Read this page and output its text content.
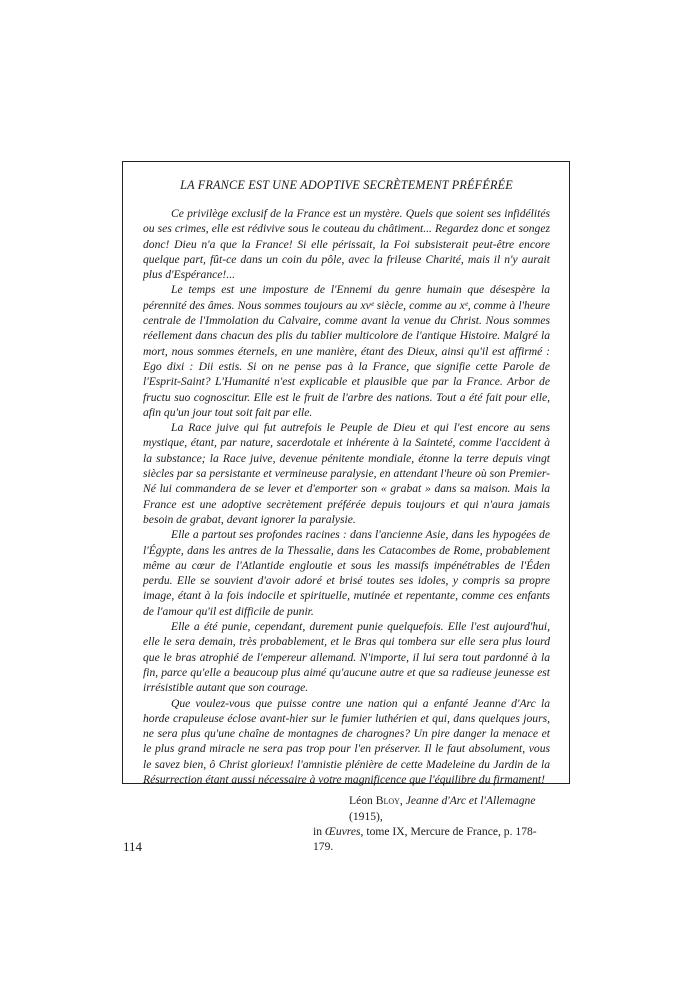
LA FRANCE EST UNE ADOPTIVE SECRÈTEMENT PRÉFÉRÉE

Ce privilège exclusif de la France est un mystère. Quels que soient ses infidélités ou ses crimes, elle est rédivive sous le couteau du châtiment... Regardez donc et songez donc! Dieu n'a que la France! Si elle périssait, la Foi subsisterait peut-être encore quelque part, fût-ce dans un coin du pôle, avec la frileuse Charité, mais il n'y aurait plus d'Espérance!...

Le temps est une imposture de l'Ennemi du genre humain que désespère la pérennité des âmes. Nous sommes toujours au xvᵉ siècle, comme au xᵉ, comme à l'heure centrale de l'Immolation du Calvaire, comme avant la venue du Christ. Nous sommes réellement dans chacun des plis du tablier multicolore de l'antique Histoire. Malgré la mort, nous sommes éternels, en une manière, étant des Dieux, ainsi qu'il est affirmé : Ego dixi : Dii estis. Si on ne pense pas à la France, que signifie cette Parole de l'Esprit-Saint? L'Humanité n'est explicable et plausible que par la France. Arbor de fructu suo cognoscitur. Elle est le fruit de l'arbre des nations. Tout a été fait pour elle, afin qu'un jour tout soit fait par elle.

La Race juive qui fut autrefois le Peuple de Dieu et qui l'est encore au sens mystique, étant, par nature, sacerdotale et inhérente à la Sainteté, comme l'accident à la substance; la Race juive, devenue pénitente mondiale, étonne la terre depuis vingt siècles par sa persistante et vermineuse paralysie, en attendant l'heure où son Premier-Né lui commandera de se lever et d'emporter son « grabat » dans sa maison. Mais la France est une adoptive secrètement préférée depuis toujours et qui n'aura jamais besoin de grabat, devant ignorer la paralysie.

Elle a partout ses profondes racines : dans l'ancienne Asie, dans les hypogées de l'Égypte, dans les antres de la Thessalie, dans les Catacombes de Rome, probablement même au cœur de l'Atlantide engloutie et sous les massifs impénétrables de l'Éden perdu. Elle se souvient d'avoir adoré et brisé toutes ses idoles, y compris sa propre image, étant à la fois indocile et spirituelle, mutinée et repentante, comme ces enfants de l'amour qu'il est difficile de punir.

Elle a été punie, cependant, durement punie quelquefois. Elle l'est aujourd'hui, elle le sera demain, très probablement, et le Bras qui tombera sur elle sera plus lourd que le bras atrophié de l'empereur allemand. N'importe, il lui sera tout pardonné à la fin, parce qu'elle a beaucoup plus aimé qu'aucune autre et que sa radieuse jeunesse est irrésistible autant que son courage.

Que voulez-vous que puisse contre une nation qui a enfanté Jeanne d'Arc la horde crapuleuse éclose avant-hier sur le fumier luthérien et qui, dans quelques jours, ne sera plus qu'une chaîne de montagnes de charognes? Un pire danger la menace et le plus grand miracle ne sera pas trop pour l'en préserver. Il le faut absolument, vous le savez bien, ô Christ glorieux! l'amnistie plénière de cette Madeleine du Jardin de la Résurrection étant aussi nécessaire à votre magnificence que l'équilibre du firmament!

Léon Bloy, Jeanne d'Arc et l'Allemagne (1915),
in Œuvres, tome IX, Mercure de France, p. 178-179.
114
